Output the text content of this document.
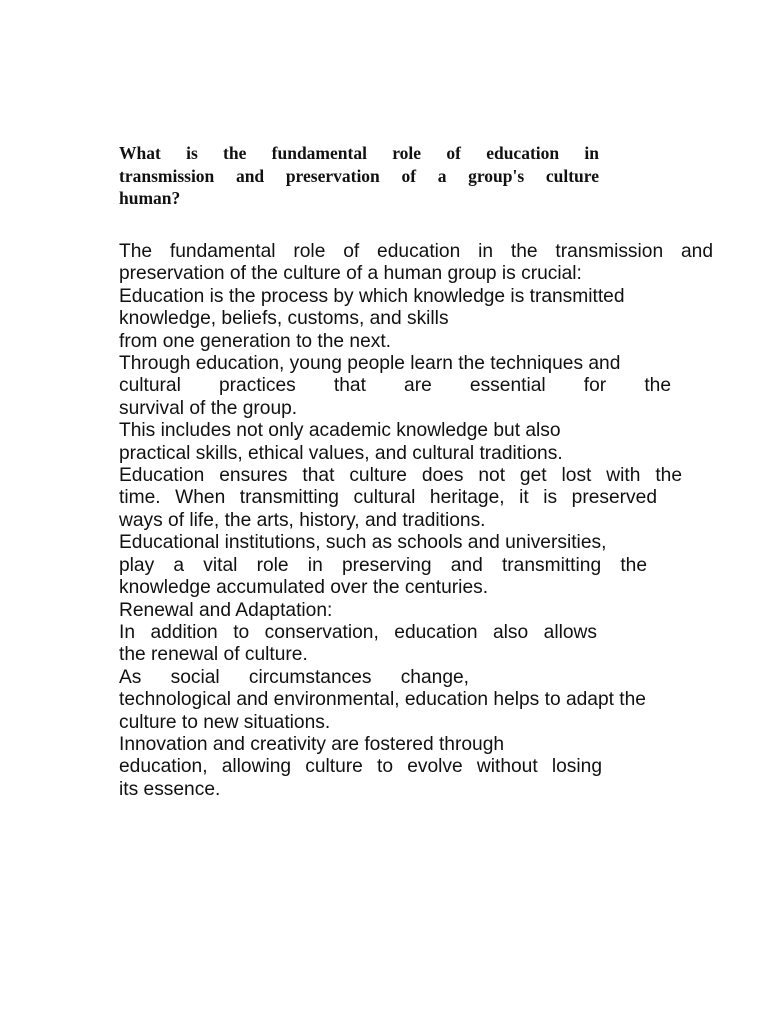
What is the fundamental role of education in
transmission and preservation of a group's culture
human?
The fundamental role of education in the transmission and
preservation of the culture of a human group is crucial:
Education is the process by which knowledge is transmitted
knowledge, beliefs, customs, and skills
from one generation to the next.
Through education, young people learn the techniques and
cultural practices that are essential for the
survival of the group.
This includes not only academic knowledge but also
practical skills, ethical values, and cultural traditions.
Education ensures that culture does not get lost with the
time. When transmitting cultural heritage, it is preserved
ways of life, the arts, history, and traditions.
Educational institutions, such as schools and universities,
play a vital role in preserving and transmitting the
knowledge accumulated over the centuries.
Renewal and Adaptation:
In addition to conservation, education also allows
the renewal of culture.
As social circumstances change,
technological and environmental, education helps to adapt the
culture to new situations.
Innovation and creativity are fostered through
education, allowing culture to evolve without losing
its essence.
